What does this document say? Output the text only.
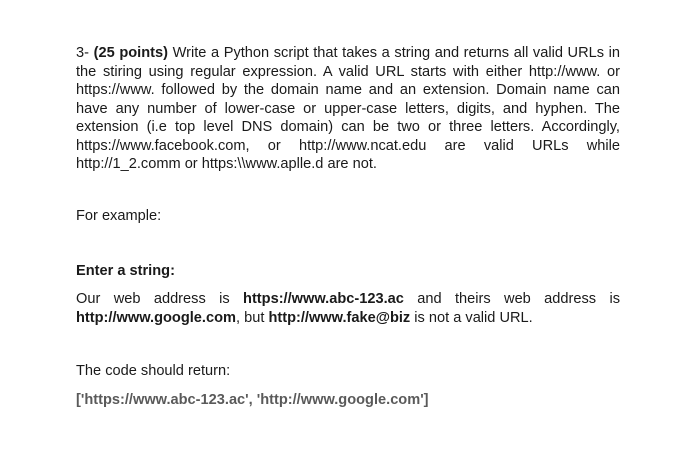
3- (25 points) Write a Python script that takes a string and returns all valid URLs in the stiring using regular expression. A valid URL starts with either http://www. or https://www. followed by the domain name and an extension. Domain name can have any number of lower-case or upper-case letters, digits, and hyphen. The extension (i.e top level DNS domain) can be two or three letters. Accordingly, https://www.facebook.com, or http://www.ncat.edu are valid URLs while http://1_2.comm or https:\\www.aplle.d are not.

For example:

Enter a string:

Our web address is https://www.abc-123.ac and theirs web address is http://www.google.com, but http://www.fake@biz is not a valid URL.

The code should return:

['https://www.abc-123.ac', 'http://www.google.com']
